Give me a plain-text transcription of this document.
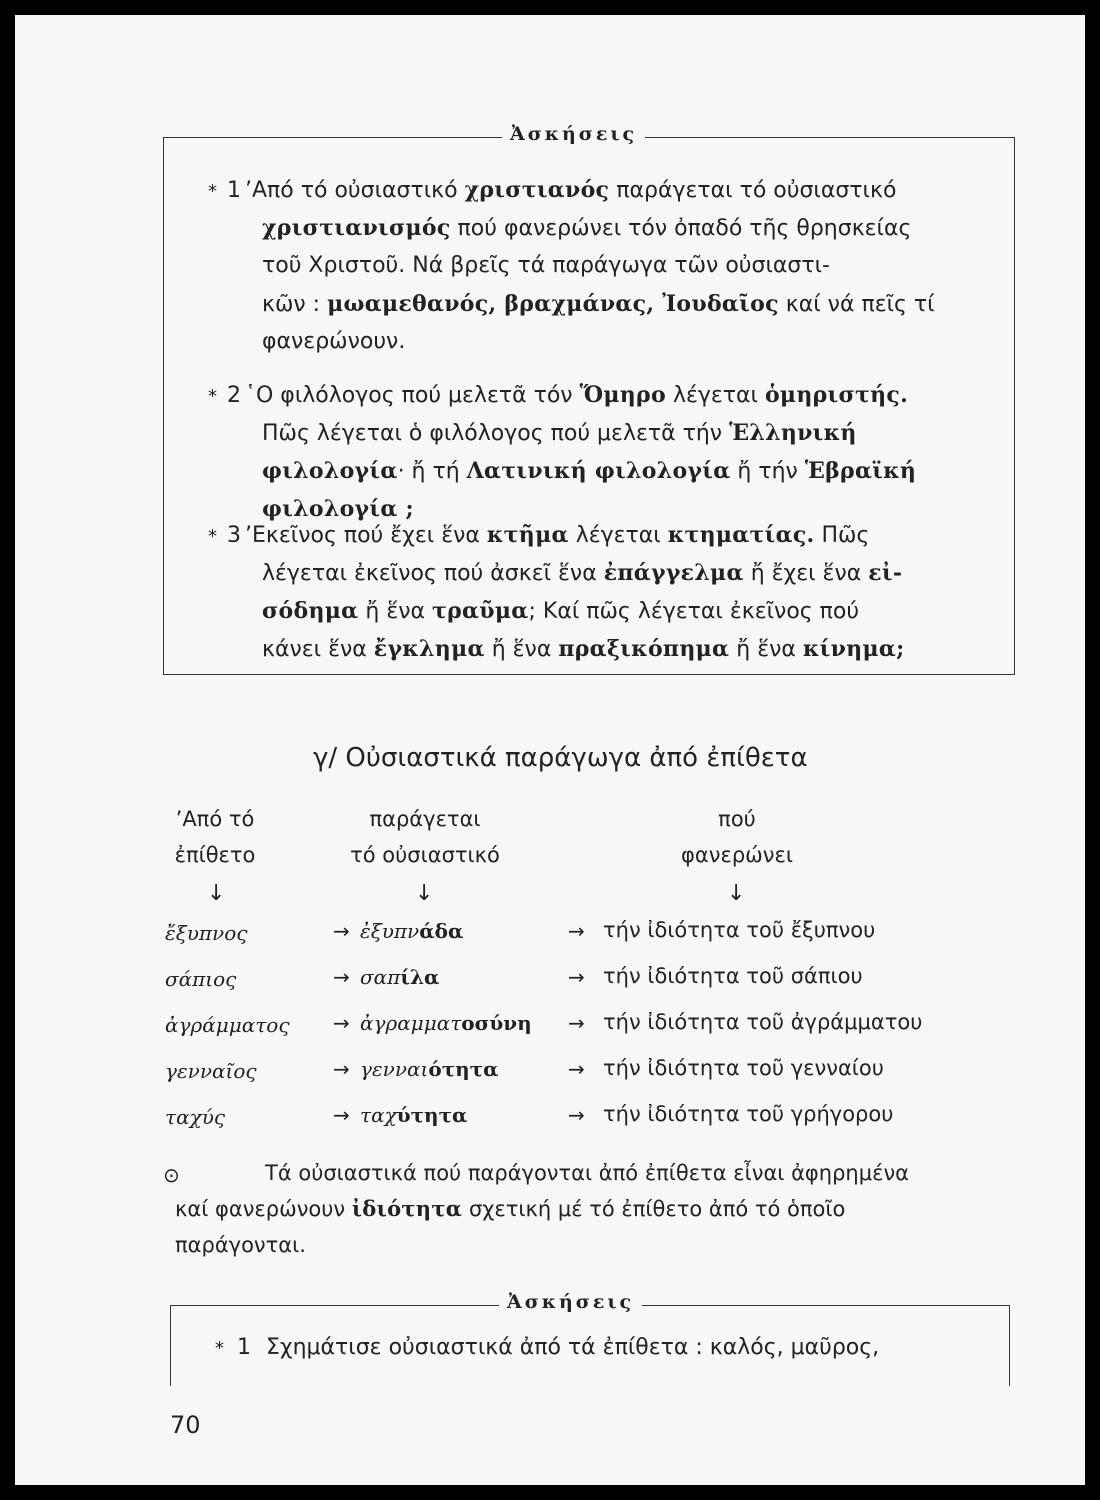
Ἀσκήσεις
* 1 ’Από τό οὐσιαστικό χριστιανός παράγεται τό οὐσιαστικό
χριστιανισμός πού φανερώνει τόν ὀπαδό τῆς θρησκείας
τοῦ Χριστοῦ. Νά βρεῖς τά παράγωγα τῶν οὐσιαστι-
κῶν : μωαμεθανός, βραχμάνας, Ἰουδαῖος καί νά πεῖς τί
φανερώνουν.
* 2 ῾Ο φιλόλογος πού μελετᾶ τόν Ὅμηρο λέγεται ὁμηριστής.
Πῶς λέγεται ὁ φιλόλογος πού μελετᾶ τήν Ἑλληνική
φιλολογία· ἤ τή Λατινική φιλολογία ἤ τήν Ἑβραϊκή
φιλολογία ;
* 3 ’Εκεῖνος πού ἔχει ἕνα κτῆμα λέγεται κτηματίας. Πῶς
λέγεται ἐκεῖνος πού ἀσκεῖ ἕνα ἐπάγγελμα ἤ ἔχει ἕνα εἰ-
σόδημα ἤ ἕνα τραῦμα; Καί πῶς λέγεται ἐκεῖνος πού
κάνει ἕνα ἔγκλημα ἤ ἕνα πραξικόπημα ἤ ἕνα κίνημα;
γ/ Οὐσιαστικά παράγωγα ἀπό ἐπίθετα
’Από τό
ἐπίθετο
παράγεται
τό οὐσιαστικό
πού
φανερώνει
↓	↓	↓
ἔξυπνος	→ ἐξυπνάδα	→ τήν ἰδιότητα τοῦ ἔξυπνου
σάπιος	→ σαπίλα	→ τήν ἰδιότητα τοῦ σάπιου
ἀγράμματος → ἀγραμματοσύνη → τήν ἰδιότητα τοῦ ἀγράμματου
γενναῖος	→ γενναιότητα	→ τήν ἰδιότητα τοῦ γενναίου
ταχύς	→ ταχύτητα	→ τήν ἰδιότητα τοῦ γρήγορου
⊙	Τά οὐσιαστικά πού παράγονται ἀπό ἐπίθετα εἶναι ἀφηρημένα
καί φανερώνουν ἰδιότητα σχετική μέ τό ἐπίθετο ἀπό τό ὁποῖο
παράγονται.
Ἀσκήσεις
* 1 Σχημάτισε οὐσιαστικά ἀπό τά ἐπίθετα : καλός, μαῦρος,
70
